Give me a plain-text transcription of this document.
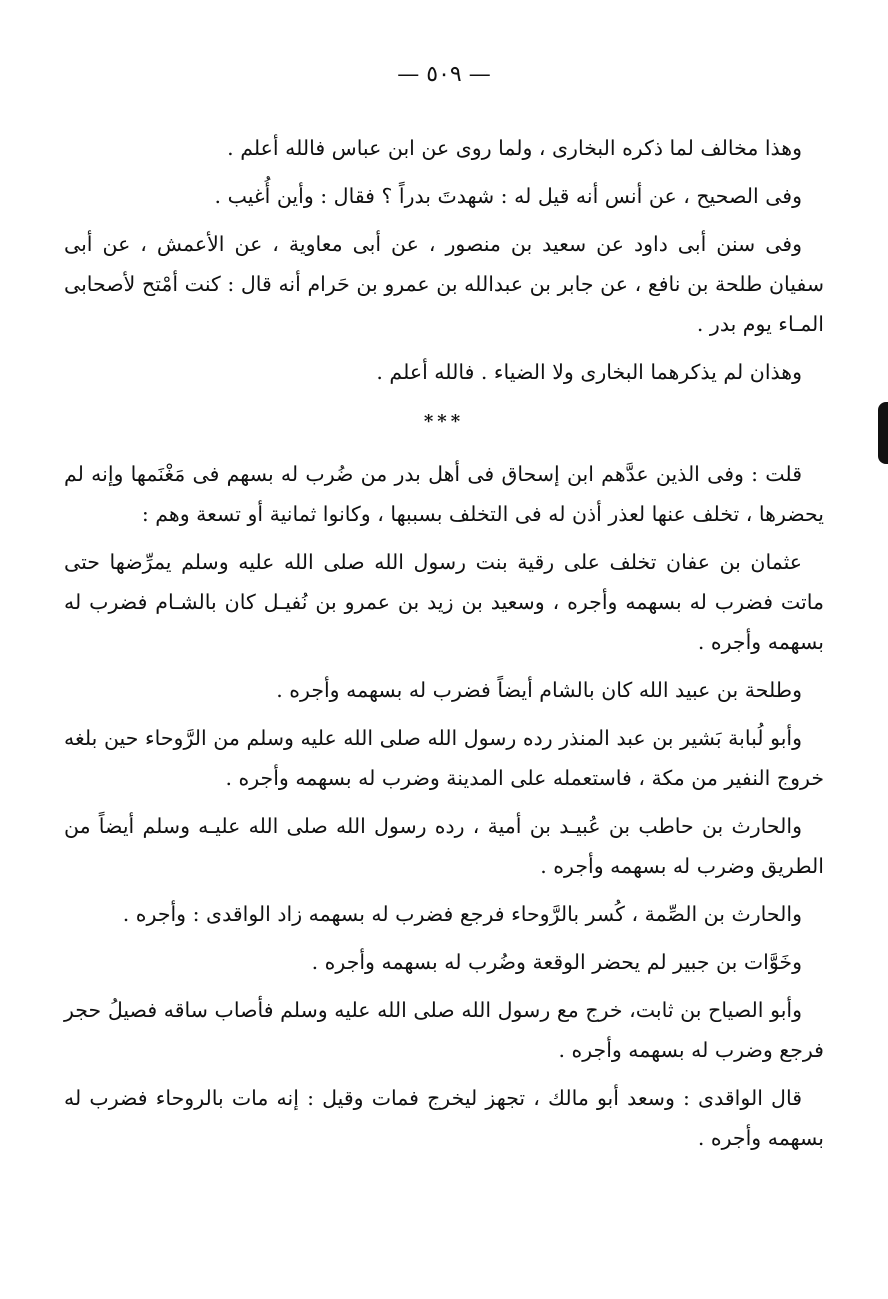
— ٥٠٩ —

وهذا مخالف لما ذكره البخارى ، ولما روى عن ابن عباس فالله أعلم .

وفى الصحيح ، عن أنس أنه قيل له : شهدتَ بدراً ؟ فقال : وأين أُغيب .

وفى سنن أبى داود عن سعيد بن منصور ، عن أبى معاوية ، عن الأعمش ، عن أبى سفيان طلحة بن نافع ، عن جابر بن عبدالله بن عمرو بن حَرام أنه قال : كنت أمْتح لأصحابى المـاء يوم بدر .

وهذان لم يذكرهما البخارى ولا الضياء . فالله أعلم .

***

قلت : وفى الذين عدَّهم ابن إسحاق فى أهل بدر من ضُرب له بسهم فى مَغْنَمها وإنه لم يحضرها ، تخلف عنها لعذر أذن له فى التخلف بسببها ، وكانوا ثمانية أو تسعة وهم :

عثمان بن عفان تخلف على رقية بنت رسول الله صلى الله عليه وسلم يمرِّضها حتى ماتت فضرب له بسهمه وأجره ، وسعيد بن زيد بن عمرو بن نُفيـل كان بالشـام فضرب له بسهمه وأجره .

وطلحة بن عبيد الله كان بالشام أيضاً فضرب له بسهمه وأجره .

وأبو لُبابة بَشير بن عبد المنذر رده رسول الله صلى الله عليه وسلم من الرَّوحاء حين بلغه خروج النفير من مكة ، فاستعمله على المدينة وضرب له بسهمه وأجره .

والحارث بن حاطب بن عُبيـد بن أمية ، رده رسول الله صلى الله عليـه وسلم أيضاً من الطريق وضرب له بسهمه وأجره .

والحارث بن الصِّمة ، كُسر بالرَّوحاء فرجع فضرب له بسهمه زاد الواقدى : وأجره .

وخَوَّات بن جبير لم يحضر الوقعة وضُرب له بسهمه وأجره .

وأبو الصياح بن ثابت، خرج مع رسول الله صلى الله عليه وسلم فأصاب ساقه فصيلُ حجر فرجع وضرب له بسهمه وأجره .

قال الواقدى : وسعد أبو مالك ، تجهز ليخرج فمات وقيل : إنه مات بالروحاء فضرب له بسهمه وأجره .
